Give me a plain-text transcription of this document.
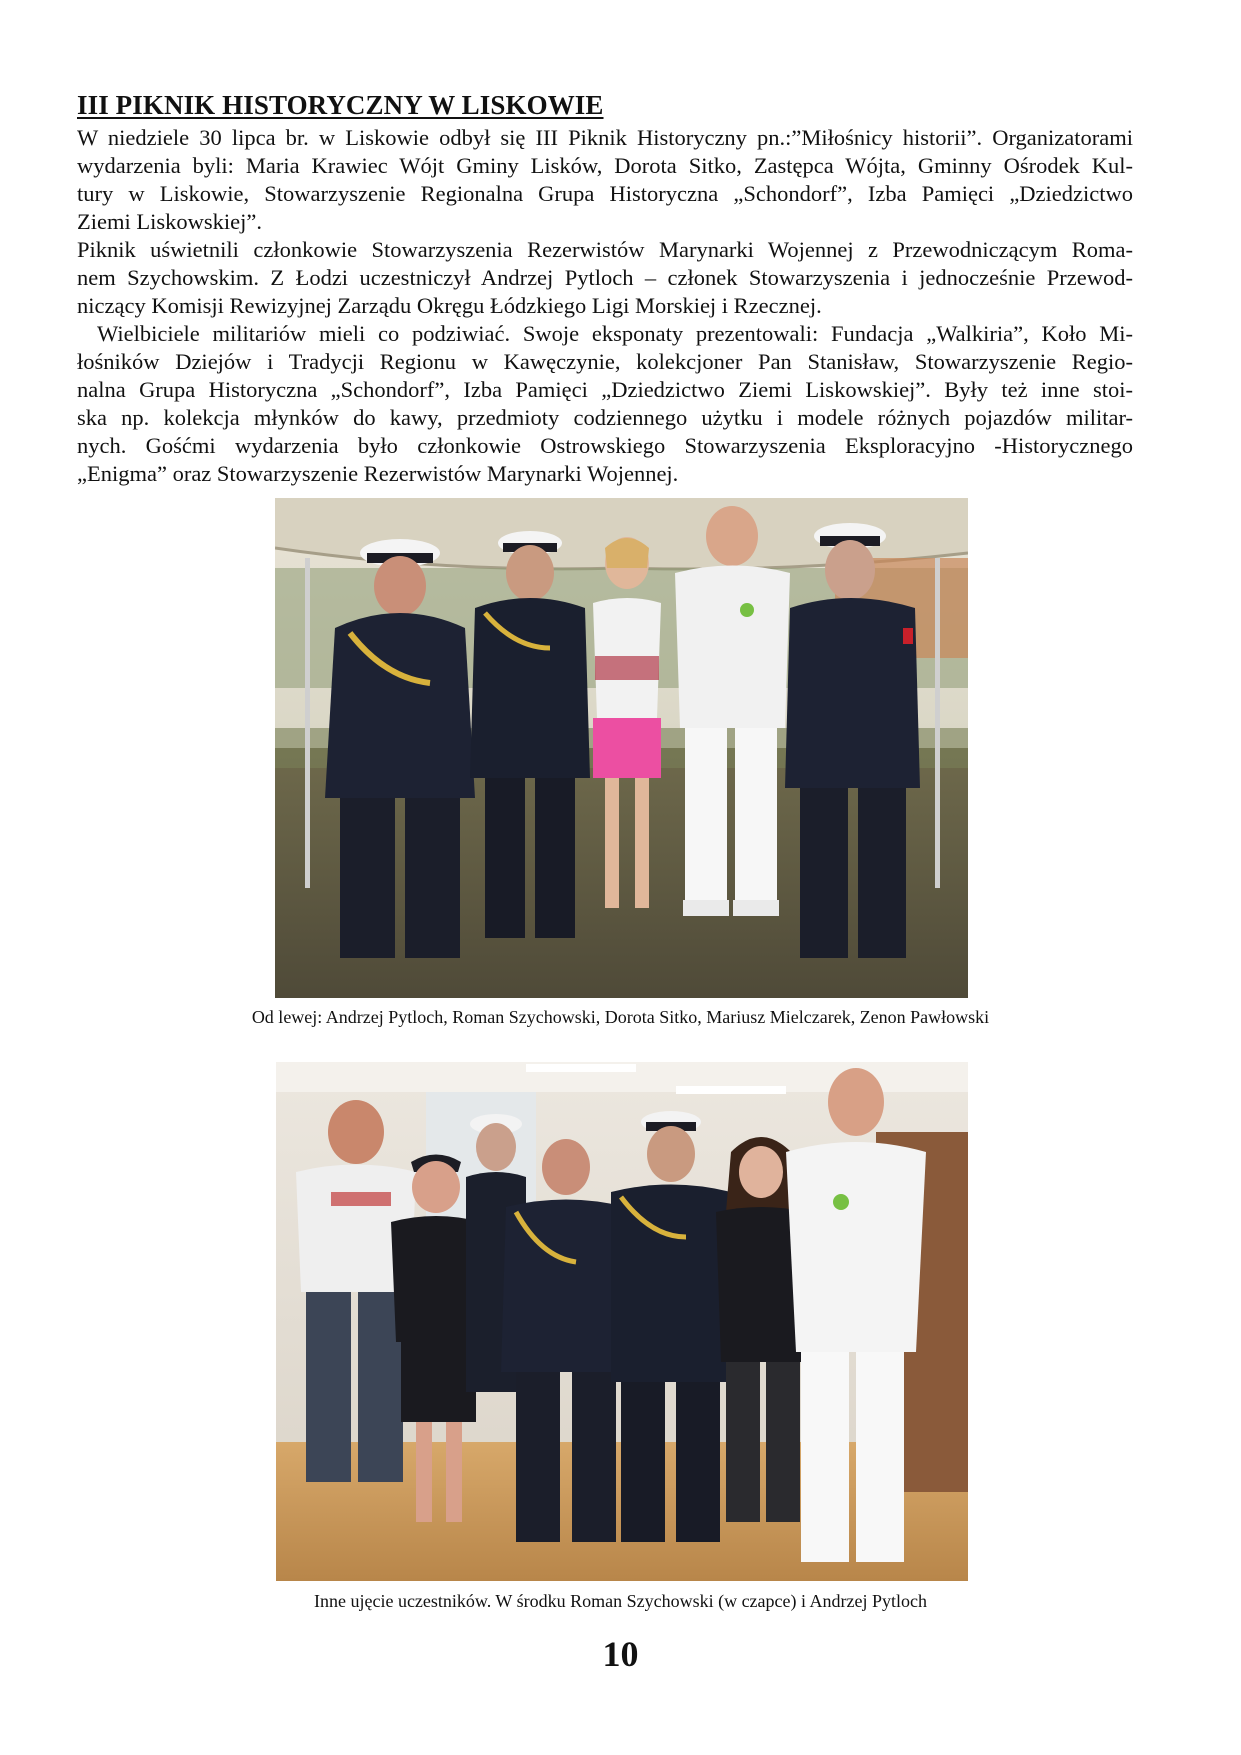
III PIKNIK HISTORYCZNY W LISKOWIE

W niedziele 30 lipca br. w Liskowie odbył się III Piknik Historyczny pn.:”Miłośnicy historii”. Organizatorami
wydarzenia byli: Maria Krawiec Wójt Gminy Lisków, Dorota Sitko, Zastępca Wójta, Gminny Ośrodek Kul-
tury w Liskowie, Stowarzyszenie Regionalna Grupa Historyczna „Schondorf”, Izba Pamięci „Dziedzictwo
Ziemi Liskowskiej”.

Piknik uświetnili członkowie Stowarzyszenia Rezerwistów Marynarki Wojennej z Przewodniczącym Roma-
nem Szychowskim. Z Łodzi uczestniczył Andrzej Pytloch – członek Stowarzyszenia i jednocześnie Przewod-
niczący Komisji Rewizyjnej Zarządu Okręgu Łódzkiego Ligi Morskiej i Rzecznej.

Wielbiciele militariów mieli co podziwiać. Swoje eksponaty prezentowali: Fundacja „Walkiria”, Koło Mi-
łośników Dziejów i Tradycji Regionu w Kawęczynie, kolekcjoner Pan Stanisław, Stowarzyszenie Regio-
nalna Grupa Historyczna „Schondorf”, Izba Pamięci „Dziedzictwo Ziemi Liskowskiej”. Były też inne stoi-
ska np. kolekcja młynków do kawy, przedmioty codziennego użytku i modele różnych pojazdów militar-
nych. Gośćmi wydarzenia było członkowie Ostrowskiego Stowarzyszenia Eksploracyjno -Historycznego
„Enigma” oraz Stowarzyszenie Rezerwistów Marynarki Wojennej.

Od lewej: Andrzej Pytloch, Roman Szychowski, Dorota Sitko, Mariusz Mielczarek, Zenon Pawłowski

Inne ujęcie uczestników. W środku Roman Szychowski (w czapce) i Andrzej Pytloch

10
